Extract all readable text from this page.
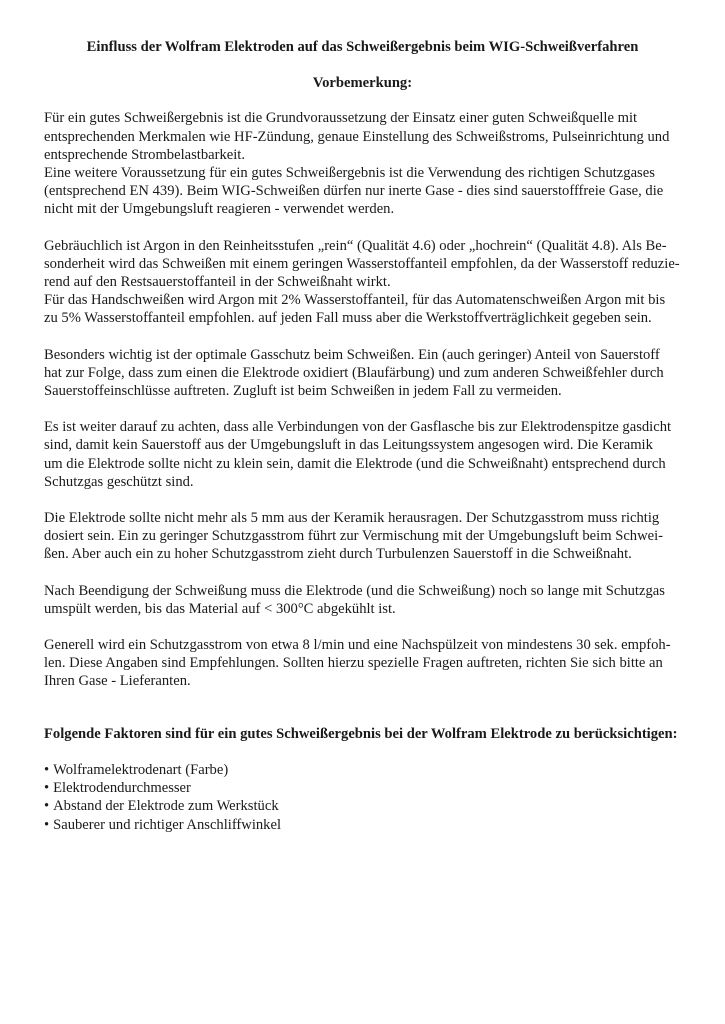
Einfluss der Wolfram Elektroden auf das Schweißergebnis beim WIG-Schweißverfahren
Vorbemerkung:

Für ein gutes Schweißergebnis ist die Grundvoraussetzung der Einsatz einer guten Schweißquelle mit
entsprechenden Merkmalen wie HF-Zündung, genaue Einstellung des Schweißstroms, Pulseinrichtung und
entsprechende Strombelastbarkeit.
Eine weitere Voraussetzung für ein gutes Schweißergebnis ist die Verwendung des richtigen Schutzgases
(entsprechend EN 439). Beim WIG-Schweißen dürfen nur inerte Gase - dies sind sauerstofffreie Gase, die
nicht mit der Umgebungsluft reagieren - verwendet werden.

Gebräuchlich ist Argon in den Reinheitsstufen „rein“ (Qualität 4.6) oder „hochrein“ (Qualität 4.8). Als Be-
sonderheit wird das Schweißen mit einem geringen Wasserstoffanteil empfohlen, da der Wasserstoff reduzie-
rend auf den Restsauerstoffanteil in der Schweißnaht wirkt.
Für das Handschweißen wird Argon mit 2% Wasserstoffanteil, für das Automatenschweißen Argon mit bis
zu 5% Wasserstoffanteil empfohlen. auf jeden Fall muss aber die Werkstoffverträglichkeit gegeben sein.

Besonders wichtig ist der optimale Gasschutz beim Schweißen. Ein (auch geringer) Anteil von Sauerstoff
hat zur Folge, dass zum einen die Elektrode oxidiert (Blaufärbung) und zum anderen Schweißfehler durch
Sauerstoffeinschlüsse auftreten. Zugluft ist beim Schweißen in jedem Fall zu vermeiden.

Es ist weiter darauf zu achten, dass alle Verbindungen von der Gasflasche bis zur Elektrodenspitze gasdicht
sind, damit kein Sauerstoff aus der Umgebungsluft in das Leitungssystem angesogen wird. Die Keramik
um die Elektrode sollte nicht zu klein sein, damit die Elektrode (und die Schweißnaht) entsprechend durch
Schutzgas geschützt sind.

Die Elektrode sollte nicht mehr als 5 mm aus der Keramik herausragen. Der Schutzgasstrom muss richtig
dosiert sein. Ein zu geringer Schutzgasstrom führt zur Vermischung mit der Umgebungsluft beim Schwei-
ßen. Aber auch ein zu hoher Schutzgasstrom zieht durch Turbulenzen Sauerstoff in die Schweißnaht.

Nach Beendigung der Schweißung muss die Elektrode (und die Schweißung) noch so lange mit Schutzgas
umspült werden, bis das Material auf < 300°C abgekühlt ist.

Generell wird ein Schutzgasstrom von etwa 8 l/min und eine Nachspülzeit von mindestens 30 sek. empfoh-
len. Diese Angaben sind Empfehlungen. Sollten hierzu spezielle Fragen auftreten, richten Sie sich bitte an
Ihren Gase - Lieferanten.

Folgende Faktoren sind für ein gutes Schweißergebnis bei der Wolfram Elektrode zu berücksichtigen:
• Wolframelektrodenart (Farbe)
• Elektrodendurchmesser
• Abstand der Elektrode zum Werkstück
• Sauberer und richtiger Anschliffwinkel
